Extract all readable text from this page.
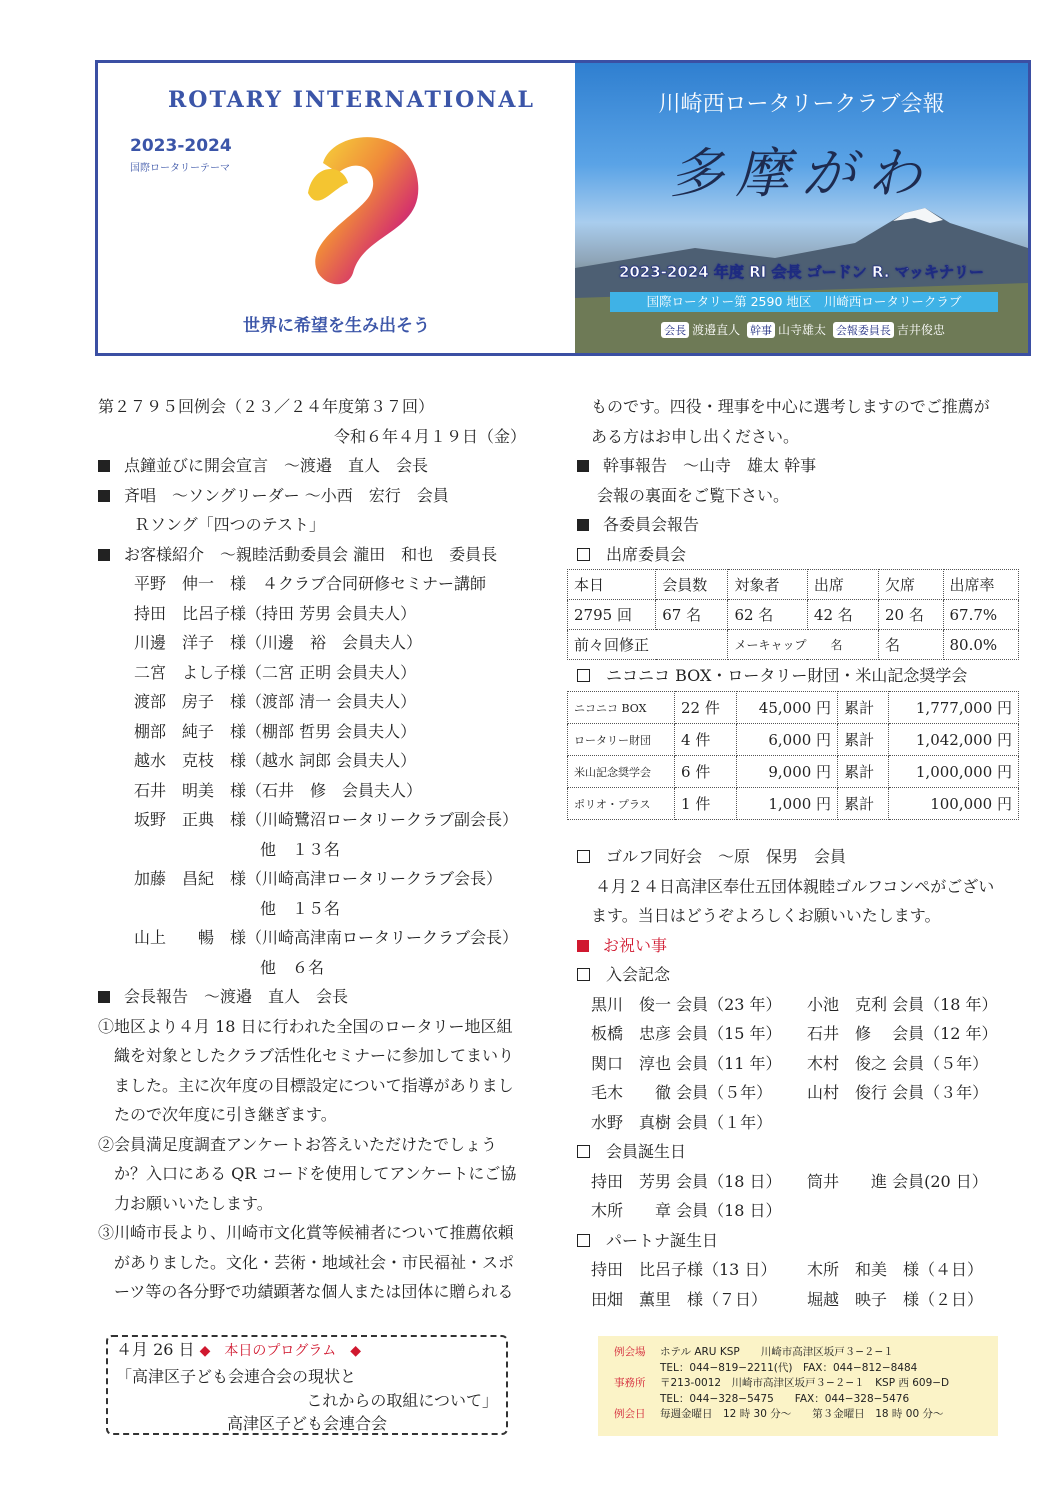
ROTARY INTERNATIONAL
2023-2024
国際ロータリーテーマ
世界に希望を生み出そう
川崎西ロータリークラブ会報
多摩がわ
2023-2024 年度 RI 会長 ゴードン R. マッキナリー
国際ロータリー第 2590 地区　川崎西ロータリークラブ
会長 渡邉直人 幹事 山寺雄太 会報委員長 吉井俊忠

第２７９５回例会（２３／２４年度第３７回）

令和６年４月１９日（金）

点鐘並びに開会宣言　～渡邉　直人　会長

斉唱　～ソングリーダー ～小西　宏行　会員

Ｒソング「四つのテスト」

お客様紹介　～親睦活動委員会 瀧田　和也　委員長

平野　伸一　様　４クラブ合同研修セミナー講師

持田　比呂子様（持田 芳男 会員夫人）

川邊　洋子　様（川邊　裕　会員夫人）

二宮　よし子様（二宮 正明 会員夫人）

渡部　房子　様（渡部 清一 会員夫人）

棚部　純子　様（棚部 哲男 会員夫人）

越水　克枝　様（越水 詞郎 会員夫人）

石井　明美　様（石井　修　会員夫人）

坂野　正典　様（川崎鷺沼ロータリークラブ副会長）

他　１３名

加藤　昌紀　様（川崎高津ロータリークラブ会長）

他　１５名

山上　　暢　様（川崎高津南ロータリークラブ会長）

他　６名

会長報告　～渡邉　直人　会長

①地区より４月 18 日に行われた全国のロータリー地区組

織を対象としたクラブ活性化セミナーに参加してまいり

ました。主に次年度の目標設定について指導がありまし

たので次年度に引き継ぎます。

②会員満足度調査アンケートお答えいただけたでしょう

か？入口にある QR コードを使用してアンケートにご協

力お願いいたします。

③川崎市長より、川崎市文化賞等候補者について推薦依頼

がありました。文化・芸術・地域社会・市民福祉・スポ

ーツ等の各分野で功績顕著な個人または団体に贈られる

４月 26 日 ◆　本日のプログラム　◆
「高津区子ども会連合会の現状と
これからの取組について」
高津区子ども会連合会

ものです。四役・理事を中心に選考しますのでご推薦が

ある方はお申し出ください。

幹事報告　～山寺　雄太 幹事

会報の裏面をご覧下さい。

各委員会報告

出席委員会

本日	会員数	対象者	出席	欠席	出席率
2795 回	67 名	62 名	42 名	20 名	67.7%
前々回修正		メーキャップ　　名		名	80.0%

ニコニコ BOX・ロータリー財団・米山記念奨学会

ニコニコ BOX	22 件	45,000 円	累計	1,777,000 円
ロータリー財団	4 件	6,000 円	累計	1,042,000 円
米山記念奨学会	6 件	9,000 円	累計	1,000,000 円
ポリオ・プラス	1 件	1,000 円	累計	100,000 円

ゴルフ同好会　～原　保男　会員

４月２４日高津区奉仕五団体親睦ゴルフコンペがござい

ます。当日はどうぞよろしくお願いいたします。

お祝い事

入会記念

黒川　俊一 会員（23 年） 小池　克利 会員（18 年）

板橋　忠彦 会員（15 年） 石井　修　 会員（12 年）

関口　淳也 会員（11 年） 木村　俊之 会員（５年）

毛木　　徹 会員（５年） 山村　俊行 会員（３年）

水野　真樹 会員（１年）

会員誕生日

持田　芳男 会員（18 日） 筒井　　進 会員(20 日）

木所　　章 会員（18 日）

パートナ誕生日

持田　比呂子様（13 日） 木所　和美　様（４日）

田畑　薫里　様（７日） 堀越　映子　様（２日）

例会場 ホテル ARU KSP　　川崎市高津区坂戸３−２−１
TEL：044−819−2211(代)　FAX：044−812−8484
事務所 〒213-0012　川崎市高津区坂戸３−２−１　KSP 西 609−D
TEL：044−328−5475　　FAX：044−328−5476
例会日 毎週金曜日　12 時 30 分〜　　第３金曜日　18 時 00 分〜
